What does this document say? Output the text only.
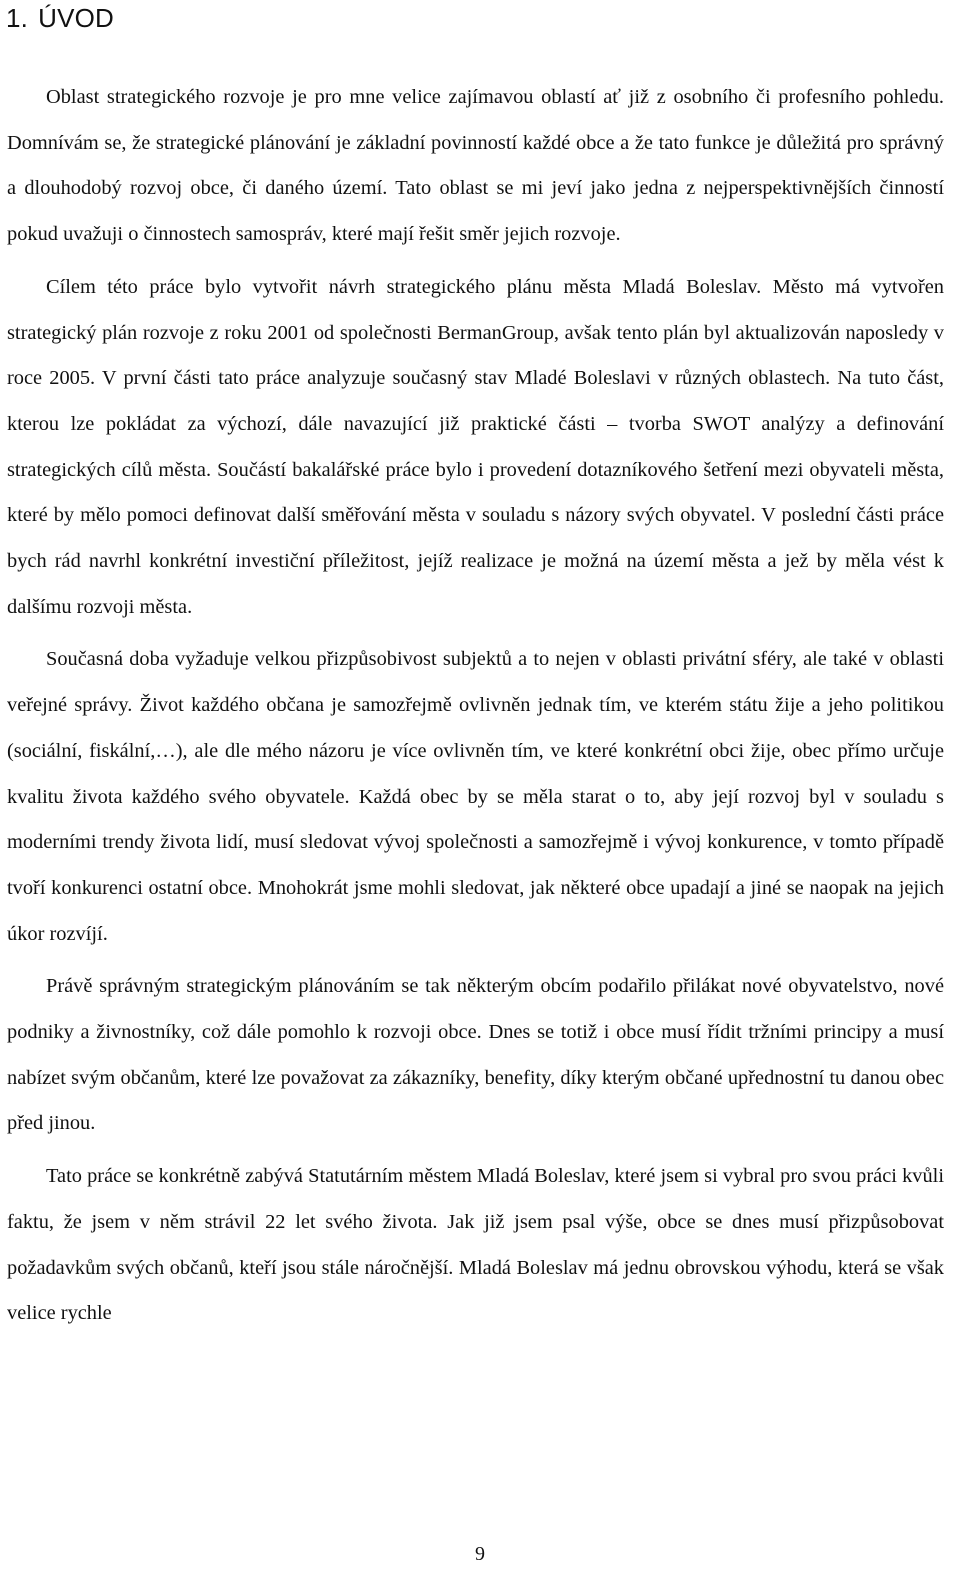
1. ÚVOD

Oblast strategického rozvoje je pro mne velice zajímavou oblastí ať již z osobního či profesního pohledu. Domnívám se, že strategické plánování je základní povinností každé obce a že tato funkce je důležitá pro správný a dlouhodobý rozvoj obce, či daného území. Tato oblast se mi jeví jako jedna z nejperspektivnějších činností pokud uvažuji o činnostech samospráv, které mají řešit směr jejich rozvoje.

Cílem této práce bylo vytvořit návrh strategického plánu města Mladá Boleslav. Město má vytvořen strategický plán rozvoje z roku 2001 od společnosti BermanGroup, avšak tento plán byl aktualizován naposledy v roce 2005. V první části tato práce analyzuje současný stav Mladé Boleslavi v různých oblastech. Na tuto část, kterou lze pokládat za výchozí, dále navazující již praktické části – tvorba SWOT analýzy a definování strategických cílů města. Součástí bakalářské práce bylo i provedení dotazníkového šetření mezi obyvateli města, které by mělo pomoci definovat další směřování města v souladu s názory svých obyvatel. V poslední části práce bych rád navrhl konkrétní investiční příležitost, jejíž realizace je možná na území města a jež by měla vést k dalšímu rozvoji města.

Současná doba vyžaduje velkou přizpůsobivost subjektů a to nejen v oblasti privátní sféry, ale také v oblasti veřejné správy. Život každého občana je samozřejmě ovlivněn jednak tím, ve kterém státu žije a jeho politikou (sociální, fiskální,…), ale dle mého názoru je více ovlivněn tím, ve které konkrétní obci žije, obec přímo určuje kvalitu života každého svého obyvatele. Každá obec by se měla starat o to, aby její rozvoj byl v souladu s moderními trendy života lidí, musí sledovat vývoj společnosti a samozřejmě i vývoj konkurence, v tomto případě tvoří konkurenci ostatní obce. Mnohokrát jsme mohli sledovat, jak některé obce upadají a jiné se naopak na jejich úkor rozvíjí.

Právě správným strategickým plánováním se tak některým obcím podařilo přilákat nové obyvatelstvo, nové podniky a živnostníky, což dále pomohlo k rozvoji obce. Dnes se totiž i obce musí řídit tržními principy a musí nabízet svým občanům, které lze považovat za zákazníky, benefity, díky kterým občané upřednostní tu danou obec před jinou.

Tato práce se konkrétně zabývá Statutárním městem Mladá Boleslav, které jsem si vybral pro svou práci kvůli faktu, že jsem v něm strávil 22 let svého života. Jak již jsem psal výše, obce se dnes musí přizpůsobovat požadavkům svých občanů, kteří jsou stále náročnější. Mladá Boleslav má jednu obrovskou výhodu, která se však velice rychle

9
